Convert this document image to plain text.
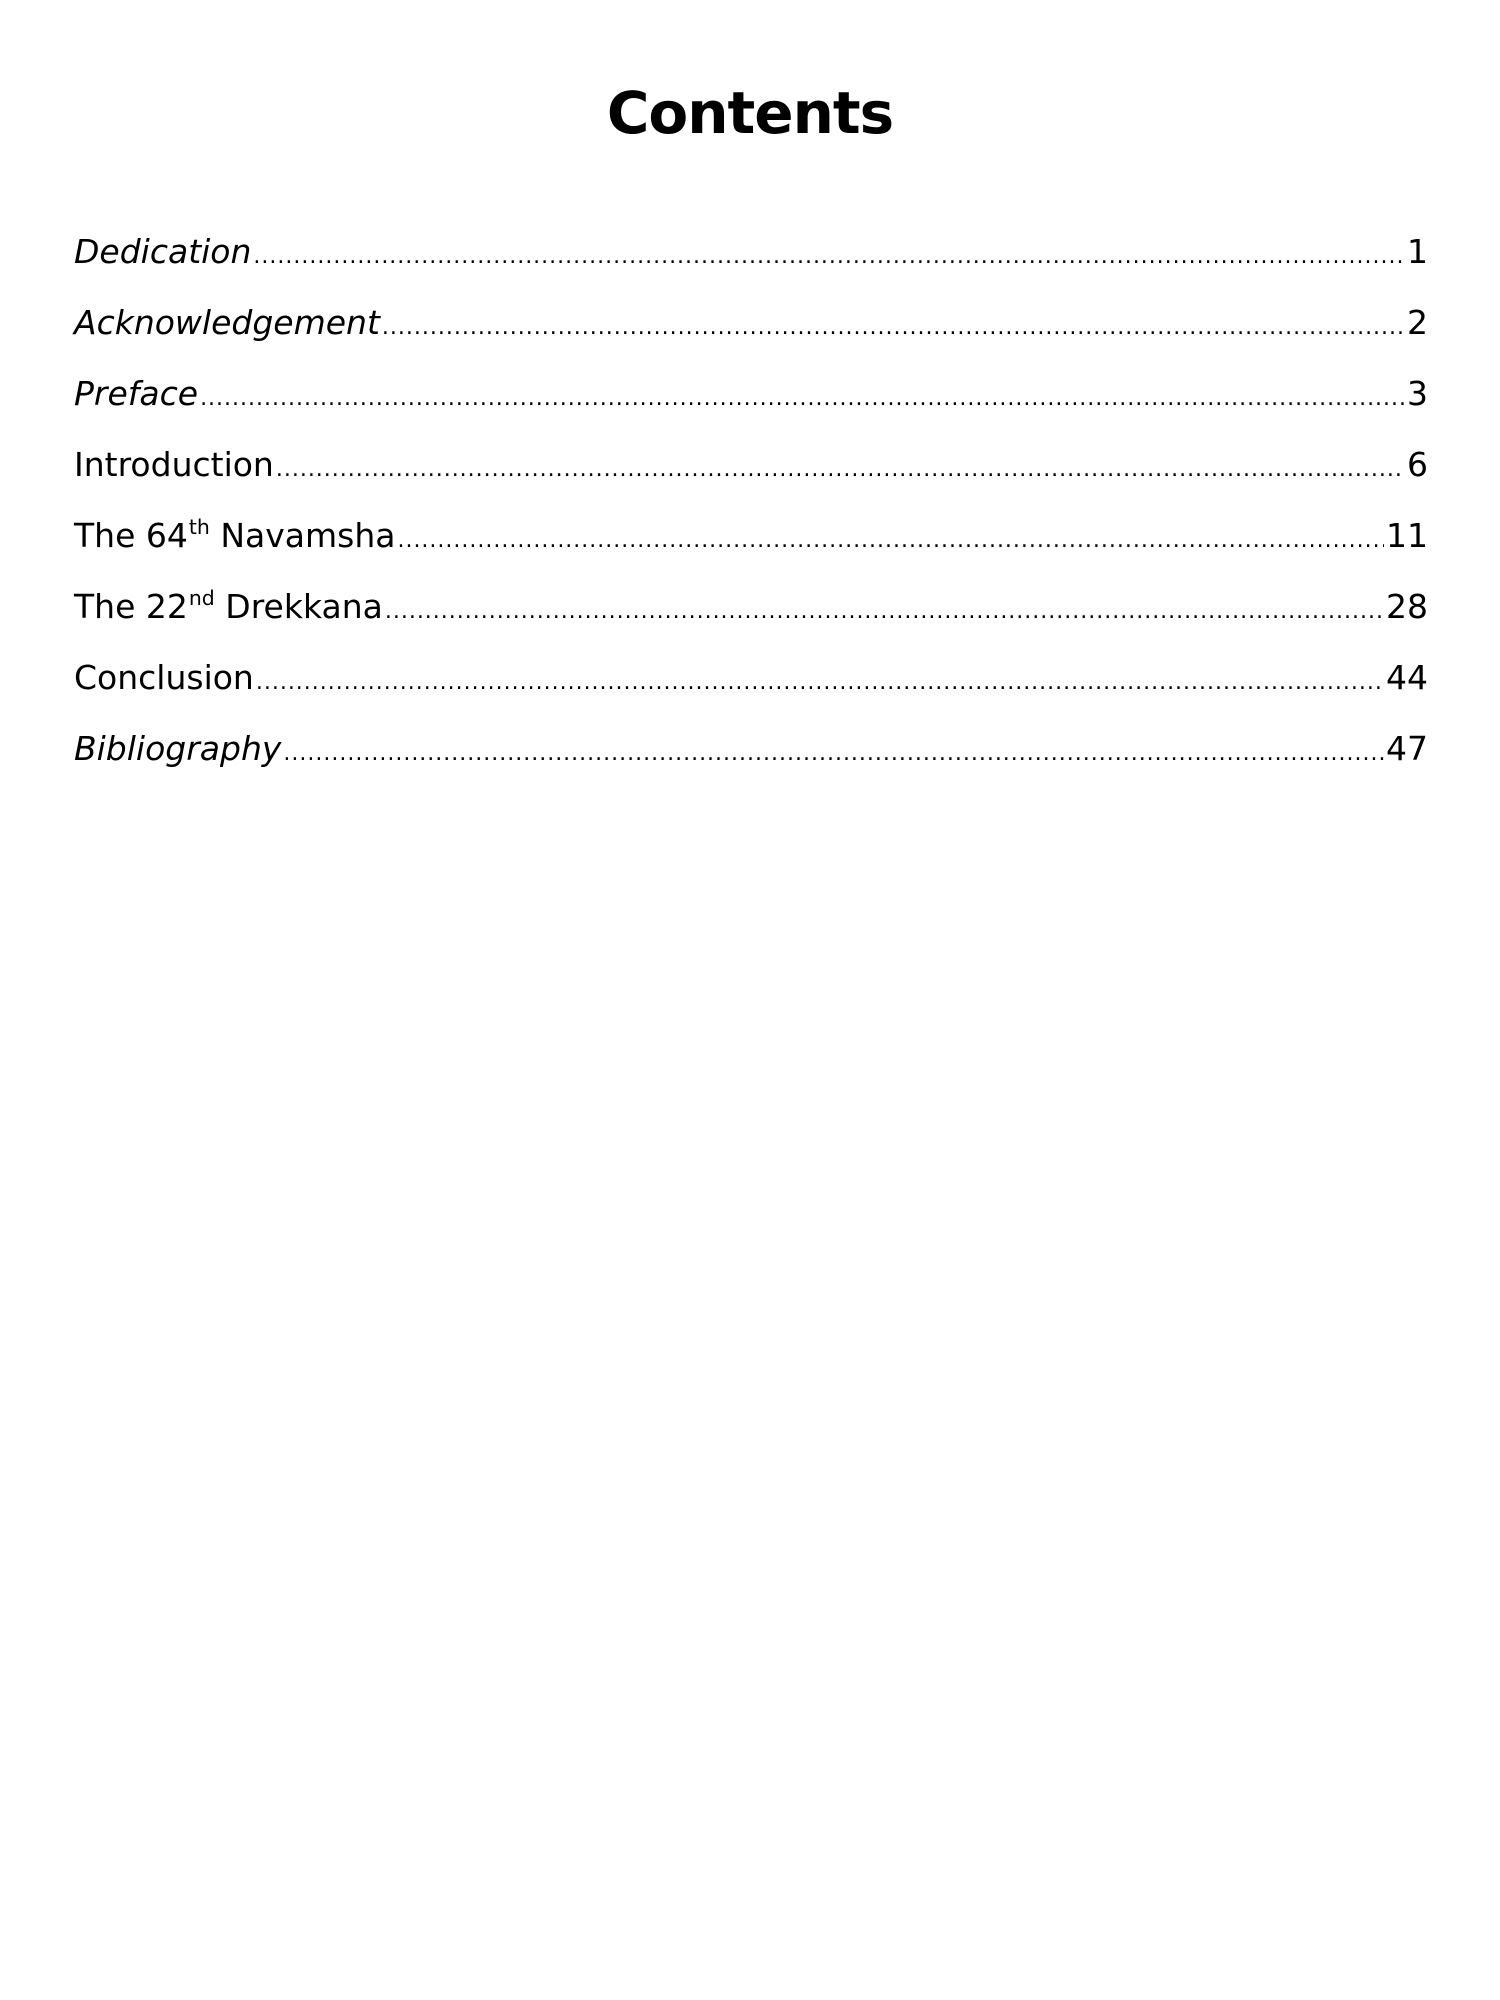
Contents
Dedication .....	1
Acknowledgement .....	2
Preface .....	3
Introduction .....	6
The 64th Navamsha .....	11
The 22nd Drekkana .....	28
Conclusion .....	44
Bibliography .....	47
